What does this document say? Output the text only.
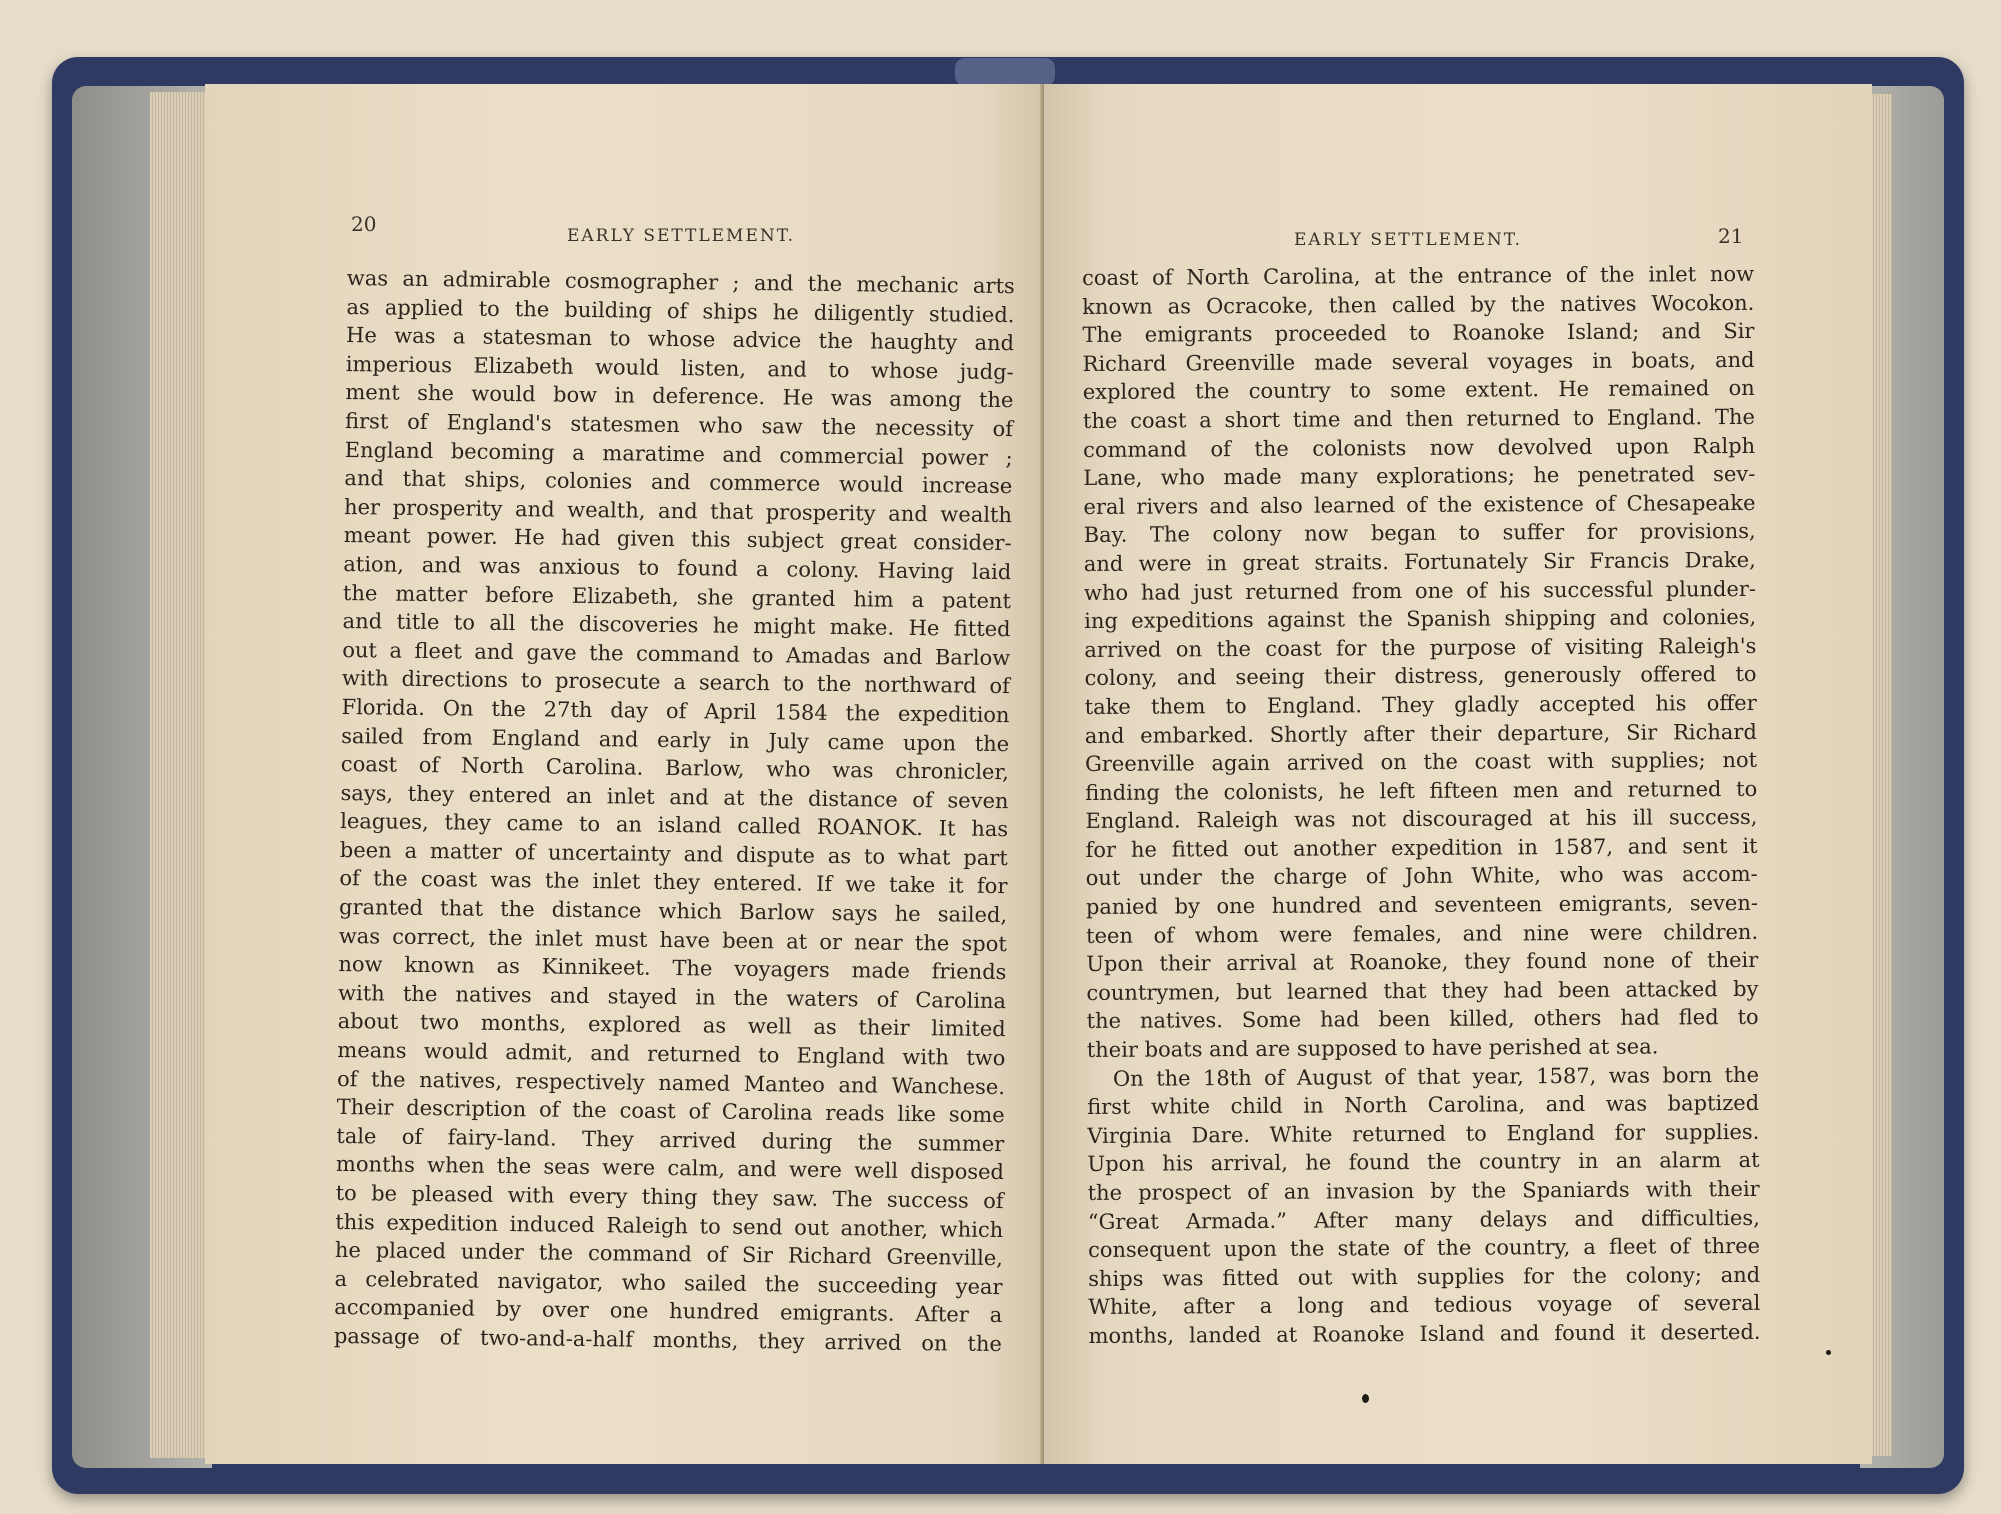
20	EARLY SETTLEMENT.
was an admirable cosmographer ; and the mechanic arts
as applied to the building of ships he diligently studied.
He was a statesman to whose advice the haughty and
imperious Elizabeth would listen, and to whose judg-
ment she would bow in deference. He was among the
first of England's statesmen who saw the necessity of
England becoming a maratime and commercial power ;
and that ships, colonies and commerce would increase
her prosperity and wealth, and that prosperity and wealth
meant power. He had given this subject great consider-
ation, and was anxious to found a colony. Having laid
the matter before Elizabeth, she granted him a patent
and title to all the discoveries he might make. He fitted
out a fleet and gave the command to Amadas and Barlow
with directions to prosecute a search to the northward of
Florida. On the 27th day of April 1584 the expedition
sailed from England and early in July came upon the
coast of North Carolina. Barlow, who was chronicler,
says, they entered an inlet and at the distance of seven
leagues, they came to an island called ROANOK. It has
been a matter of uncertainty and dispute as to what part
of the coast was the inlet they entered. If we take it for
granted that the distance which Barlow says he sailed,
was correct, the inlet must have been at or near the spot
now known as Kinnikeet. The voyagers made friends
with the natives and stayed in the waters of Carolina
about two months, explored as well as their limited
means would admit, and returned to England with two
of the natives, respectively named Manteo and Wanchese.
Their description of the coast of Carolina reads like some
tale of fairy-land. They arrived during the summer
months when the seas were calm, and were well disposed
to be pleased with every thing they saw. The success of
this expedition induced Raleigh to send out another, which
he placed under the command of Sir Richard Greenville,
a celebrated navigator, who sailed the succeeding year
accompanied by over one hundred emigrants. After a
passage of two-and-a-half months, they arrived on the
EARLY SETTLEMENT.	21
coast of North Carolina, at the entrance of the inlet now
known as Ocracoke, then called by the natives Wocokon.
The emigrants proceeded to Roanoke Island; and Sir
Richard Greenville made several voyages in boats, and
explored the country to some extent. He remained on
the coast a short time and then returned to England. The
command of the colonists now devolved upon Ralph
Lane, who made many explorations; he penetrated sev-
eral rivers and also learned of the existence of Chesapeake
Bay. The colony now began to suffer for provisions,
and were in great straits. Fortunately Sir Francis Drake,
who had just returned from one of his successful plunder-
ing expeditions against the Spanish shipping and colonies,
arrived on the coast for the purpose of visiting Raleigh's
colony, and seeing their distress, generously offered to
take them to England. They gladly accepted his offer
and embarked. Shortly after their departure, Sir Richard
Greenville again arrived on the coast with supplies; not
finding the colonists, he left fifteen men and returned to
England. Raleigh was not discouraged at his ill success,
for he fitted out another expedition in 1587, and sent it
out under the charge of John White, who was accom-
panied by one hundred and seventeen emigrants, seven-
teen of whom were females, and nine were children.
Upon their arrival at Roanoke, they found none of their
countrymen, but learned that they had been attacked by
the natives. Some had been killed, others had fled to
their boats and are supposed to have perished at sea.
On the 18th of August of that year, 1587, was born the
first white child in North Carolina, and was baptized
Virginia Dare. White returned to England for supplies.
Upon his arrival, he found the country in an alarm at
the prospect of an invasion by the Spaniards with their
“Great Armada.” After many delays and difficulties,
consequent upon the state of the country, a fleet of three
ships was fitted out with supplies for the colony; and
White, after a long and tedious voyage of several
months, landed at Roanoke Island and found it deserted.
